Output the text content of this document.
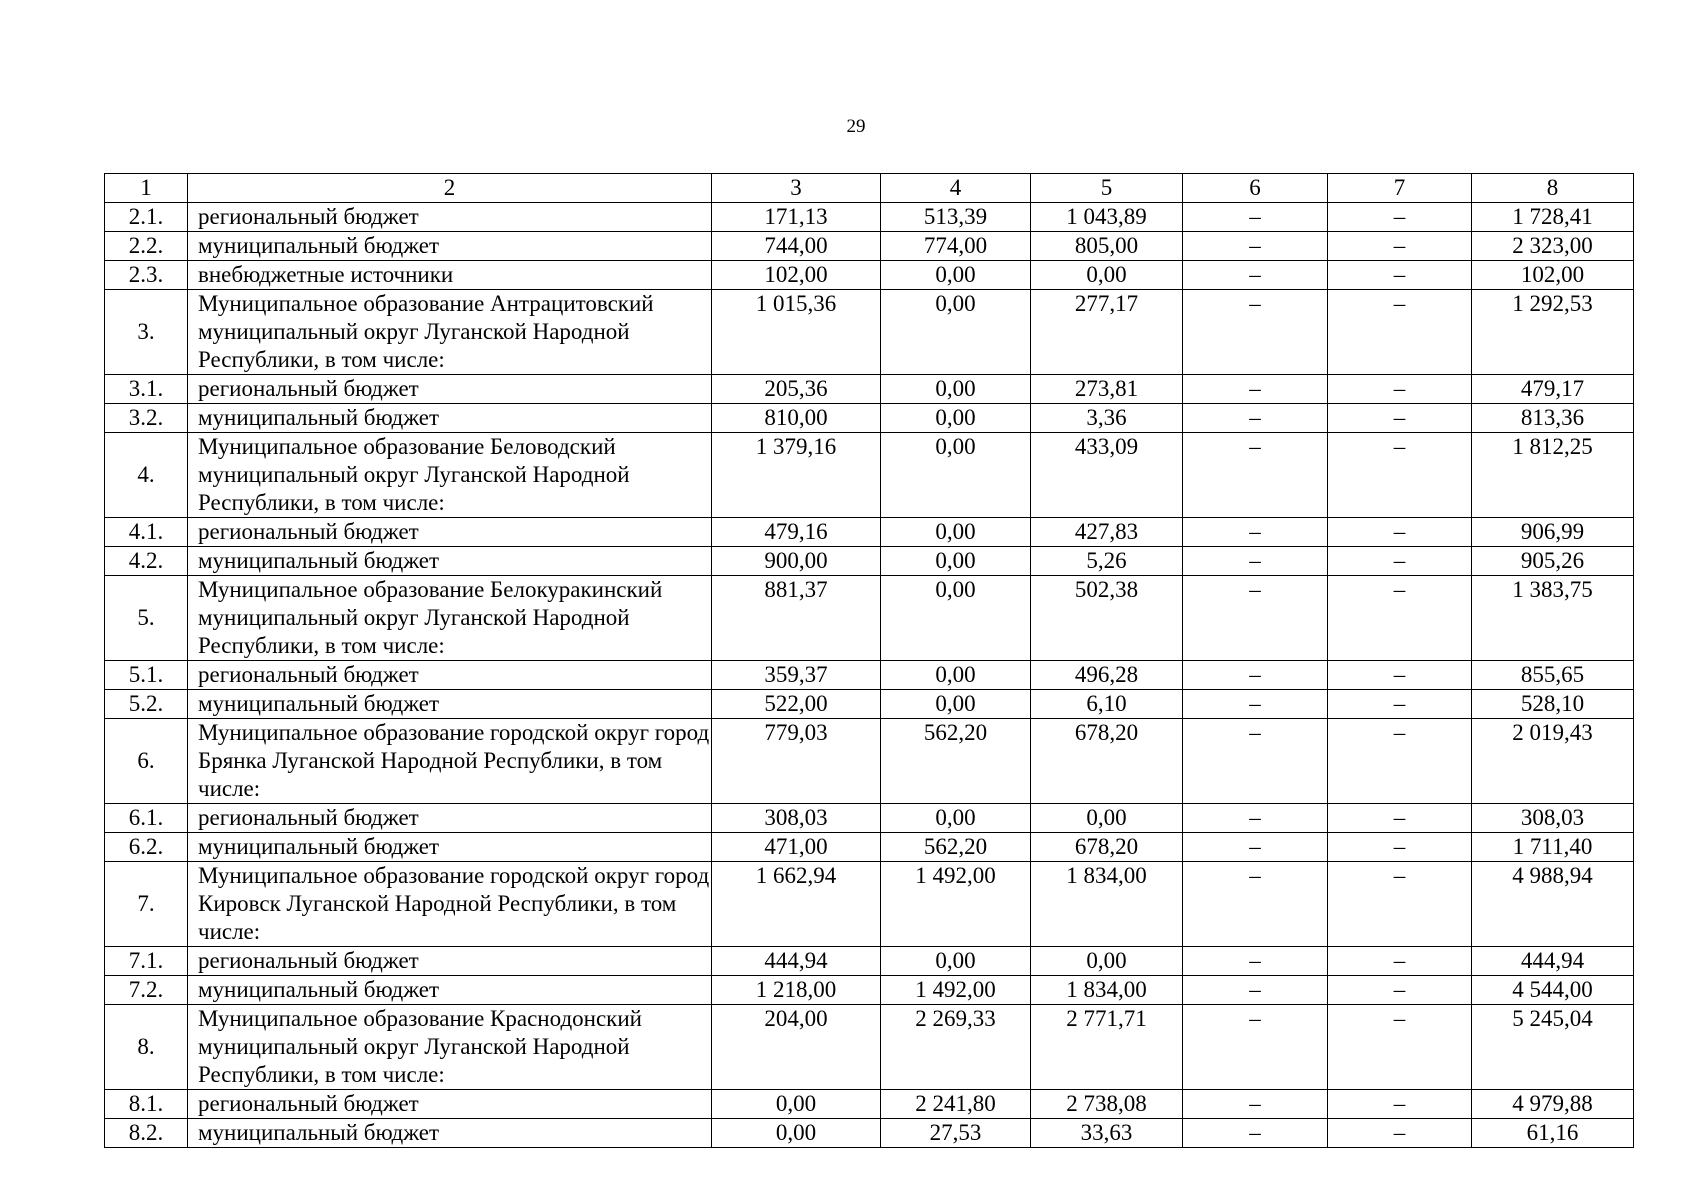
29
1	2	3	4	5	6	7	8
2.1.	региональный бюджет	171,13	513,39	1 043,89	–	–	1 728,41
2.2.	муниципальный бюджет	744,00	774,00	805,00	–	–	2 323,00
2.3.	внебюджетные источники	102,00	0,00	0,00	–	–	102,00
3.	Муниципальное образование Антрацитовский муниципальный округ Луганской Народной Республики, в том числе:	1 015,36	0,00	277,17	–	–	1 292,53
3.1.	региональный бюджет	205,36	0,00	273,81	–	–	479,17
3.2.	муниципальный бюджет	810,00	0,00	3,36	–	–	813,36
4.	Муниципальное образование Беловодский муниципальный округ Луганской Народной Республики, в том числе:	1 379,16	0,00	433,09	–	–	1 812,25
4.1.	региональный бюджет	479,16	0,00	427,83	–	–	906,99
4.2.	муниципальный бюджет	900,00	0,00	5,26	–	–	905,26
5.	Муниципальное образование Белокуракинский муниципальный округ Луганской Народной Республики, в том числе:	881,37	0,00	502,38	–	–	1 383,75
5.1.	региональный бюджет	359,37	0,00	496,28	–	–	855,65
5.2.	муниципальный бюджет	522,00	0,00	6,10	–	–	528,10
6.	Муниципальное образование городской округ город Брянка Луганской Народной Республики, в том числе:	779,03	562,20	678,20	–	–	2 019,43
6.1.	региональный бюджет	308,03	0,00	0,00	–	–	308,03
6.2.	муниципальный бюджет	471,00	562,20	678,20	–	–	1 711,40
7.	Муниципальное образование городской округ город Кировск Луганской Народной Республики, в том числе:	1 662,94	1 492,00	1 834,00	–	–	4 988,94
7.1.	региональный бюджет	444,94	0,00	0,00	–	–	444,94
7.2.	муниципальный бюджет	1 218,00	1 492,00	1 834,00	–	–	4 544,00
8.	Муниципальное образование Краснодонский муниципальный округ Луганской Народной Республики, в том числе:	204,00	2 269,33	2 771,71	–	–	5 245,04
8.1.	региональный бюджет	0,00	2 241,80	2 738,08	–	–	4 979,88
8.2.	муниципальный бюджет	0,00	27,53	33,63	–	–	61,16
